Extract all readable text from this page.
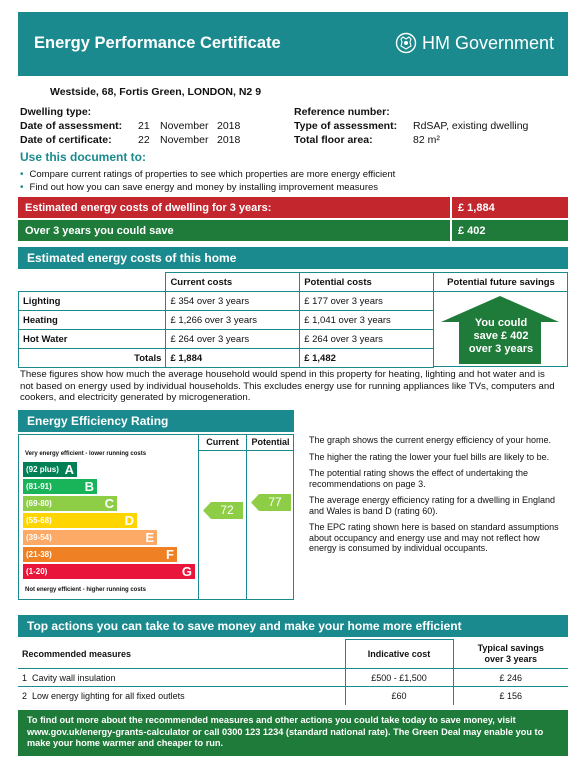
Energy Performance Certificate	HM Government
Westside, 68, Fortis Green, LONDON, N2 9
Dwelling type:
Date of assessment: 21 November 2018
Date of certificate:	22 November 2018
Reference number:
Type of assessment: RdSAP, existing dwelling
Total floor area:	82 m²
Use this document to:
• Compare current ratings of properties to see which properties are more energy efficient
• Find out how you can save energy and money by installing improvement measures
Estimated energy costs of dwelling for 3 years:	£ 1,884
Over 3 years you could save	£ 402
Estimated energy costs of this home
	Current costs	Potential costs
Lighting	£ 354 over 3 years	£ 177 over 3 years
Heating	£ 1,266 over 3 years	£ 1,041 over 3 years
Hot Water	£ 264 over 3 years	£ 264 over 3 years
Totals	£ 1,884	£ 1,482
Potential future savings
You could
save £ 402
over 3 years
These figures show how much the average household would spend in this property for heating, lighting and hot water and is not based on energy used by individual households. This excludes energy use for running appliances like TVs, computers and cookers, and electricity generated by microgeneration.
Energy Efficiency Rating
Current	Potential
Very energy efficient - lower running costs
(92 plus) A
(81-91)	B
(69-80)	C
(55-68)	D
(39-54)	E
(21-38)	F
(1-20)	G
Not energy efficient - higher running costs
72
77

The graph shows the current energy efficiency of your home.

The higher the rating the lower your fuel bills are likely to be.

The potential rating shows the effect of undertaking the recommendations on page 3.

The average energy efficiency rating for a dwelling in England and Wales is band D (rating 60).

The EPC rating shown here is based on standard assumptions about occupancy and energy use and may not reflect how energy is consumed by individual occupants.

Top actions you can take to save money and make your home more efficient
Recommended measures	Indicative cost	Typical savings
over 3 years

1 Cavity wall insulation	£500 - £1,500	£ 246
2 Low energy lighting for all fixed outlets	£60	£ 156
To find out more about the recommended measures and other actions you could take today to save money, visit
www.gov.uk/energy-grants-calculator or call 0300 123 1234 (standard national rate). The Green Deal may enable you to
make your home warmer and cheaper to run.
